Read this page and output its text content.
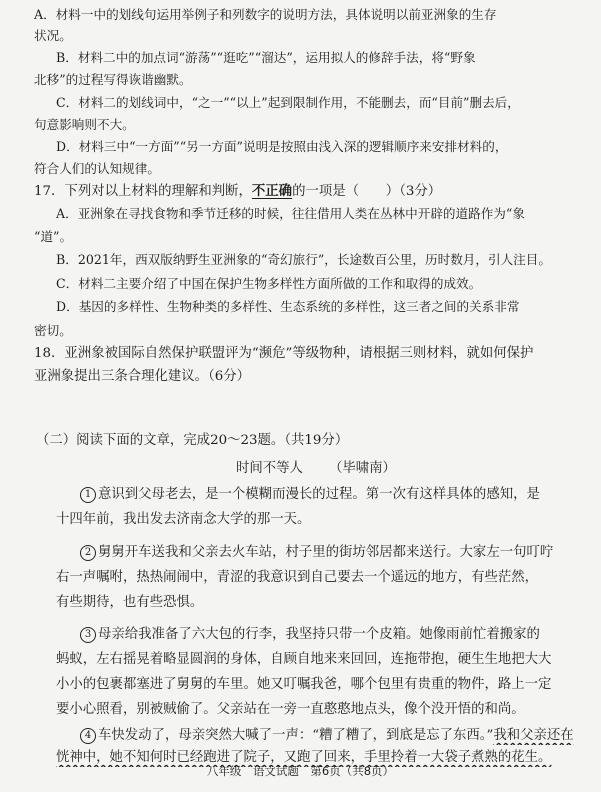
A．材料一中的划线句运用举例子和列数字的说明方法，具体说明以前亚洲象的生存
状况。
B．材料二中的加点词“游荡”“逛吃”“溜达”，运用拟人的修辞手法，将“野象
北移”的过程写得诙谐幽默。
C．材料二的划线词中，“之一”“以上”起到限制作用，不能删去，而“目前”删去后，
句意影响则不大。
D．材料三中“一方面”“另一方面”说明是按照由浅入深的逻辑顺序来安排材料的，
符合人们的认知规律。
17．下列对以上材料的理解和判断，不正确的一项是（　　）（3分）
A．亚洲象在寻找食物和季节迁移的时候，往往借用人类在丛林中开辟的道路作为“象
“道”。
B．2021年，西双版纳野生亚洲象的“奇幻旅行”，长途数百公里，历时数月，引人注目。
C．材料二主要介绍了中国在保护生物多样性方面所做的工作和取得的成效。
D．基因的多样性、生物种类的多样性、生态系统的多样性，这三者之间的关系非常
密切。
18．亚洲象被国际自然保护联盟评为“濒危”等级物种，请根据三则材料，就如何保护
亚洲象提出三条合理化建议。（6分）
（二）阅读下面的文章，完成20～23题。（共19分）
时间不等人 （毕啸南）
1 意识到父母老去，是一个模糊而漫长的过程。第一次有这样具体的感知，是
十四年前，我出发去济南念大学的那一天。
2 舅舅开车送我和父亲去火车站，村子里的街坊邻居都来送行。大家左一句叮咛
右一声嘱咐，热热闹闹中，青涩的我意识到自己要去一个遥远的地方，有些茫然，
有些期待，也有些恐惧。
3 母亲给我准备了六大包的行李，我坚持只带一个皮箱。她像雨前忙着搬家的
蚂蚁，左右摇晃着略显圆润的身体，自顾自地来来回回，连拖带抱，硬生生地把大大
小小的包裹都塞进了舅舅的车里。她又叮嘱我爸，哪个包里有贵重的物件，路上一定
要小心照看，别被贼偷了。父亲站在一旁一直憨憨地点头，像个没开悟的和尚。
4 车快发动了，母亲突然大喊了一声：“糟了糟了，到底是忘了东西。”我和父亲还在
恍神中，她不知何时已经跑进了院子，又跑了回来，手里拎着一大袋子煮熟的花生。
八年级　语文试题　第6页（共8页）
